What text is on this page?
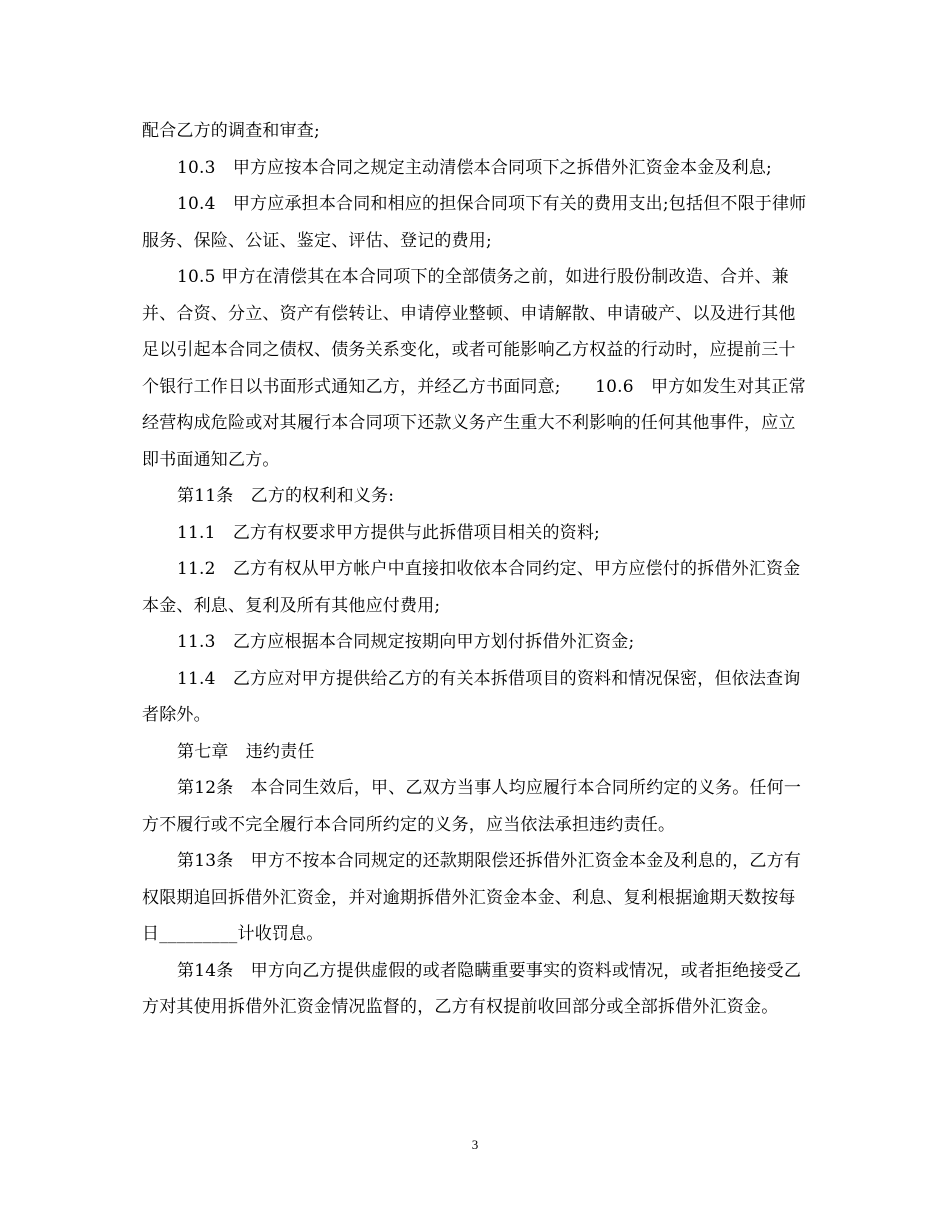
配合乙方的调查和审查;

10.3　甲方应按本合同之规定主动清偿本合同项下之拆借外汇资金本金及利息;

10.4　甲方应承担本合同和相应的担保合同项下有关的费用支出;包括但不限于律师服务、保险、公证、鉴定、评估、登记的费用;

10.5 甲方在清偿其在本合同项下的全部债务之前，如进行股份制改造、合并、兼并、合资、分立、资产有偿转让、申请停业整顿、申请解散、申请破产、以及进行其他足以引起本合同之债权、债务关系变化，或者可能影响乙方权益的行动时，应提前三十个银行工作日以书面形式通知乙方，并经乙方书面同意;　　10.6　甲方如发生对其正常经营构成危险或对其履行本合同项下还款义务产生重大不利影响的任何其他事件，应立即书面通知乙方。

第11条　乙方的权利和义务:

11.1　乙方有权要求甲方提供与此拆借项目相关的资料;

11.2　乙方有权从甲方帐户中直接扣收依本合同约定、甲方应偿付的拆借外汇资金本金、利息、复利及所有其他应付费用;

11.3　乙方应根据本合同规定按期向甲方划付拆借外汇资金;

11.4　乙方应对甲方提供给乙方的有关本拆借项目的资料和情况保密，但依法查询者除外。

第七章　违约责任

第12条　本合同生效后，甲、乙双方当事人均应履行本合同所约定的义务。任何一方不履行或不完全履行本合同所约定的义务，应当依法承担违约责任。

第13条　甲方不按本合同规定的还款期限偿还拆借外汇资金本金及利息的，乙方有权限期追回拆借外汇资金，并对逾期拆借外汇资金本金、利息、复利根据逾期天数按每日_________计收罚息。

第14条　甲方向乙方提供虚假的或者隐瞒重要事实的资料或情况，或者拒绝接受乙方对其使用拆借外汇资金情况监督的，乙方有权提前收回部分或全部拆借外汇资金。

3
